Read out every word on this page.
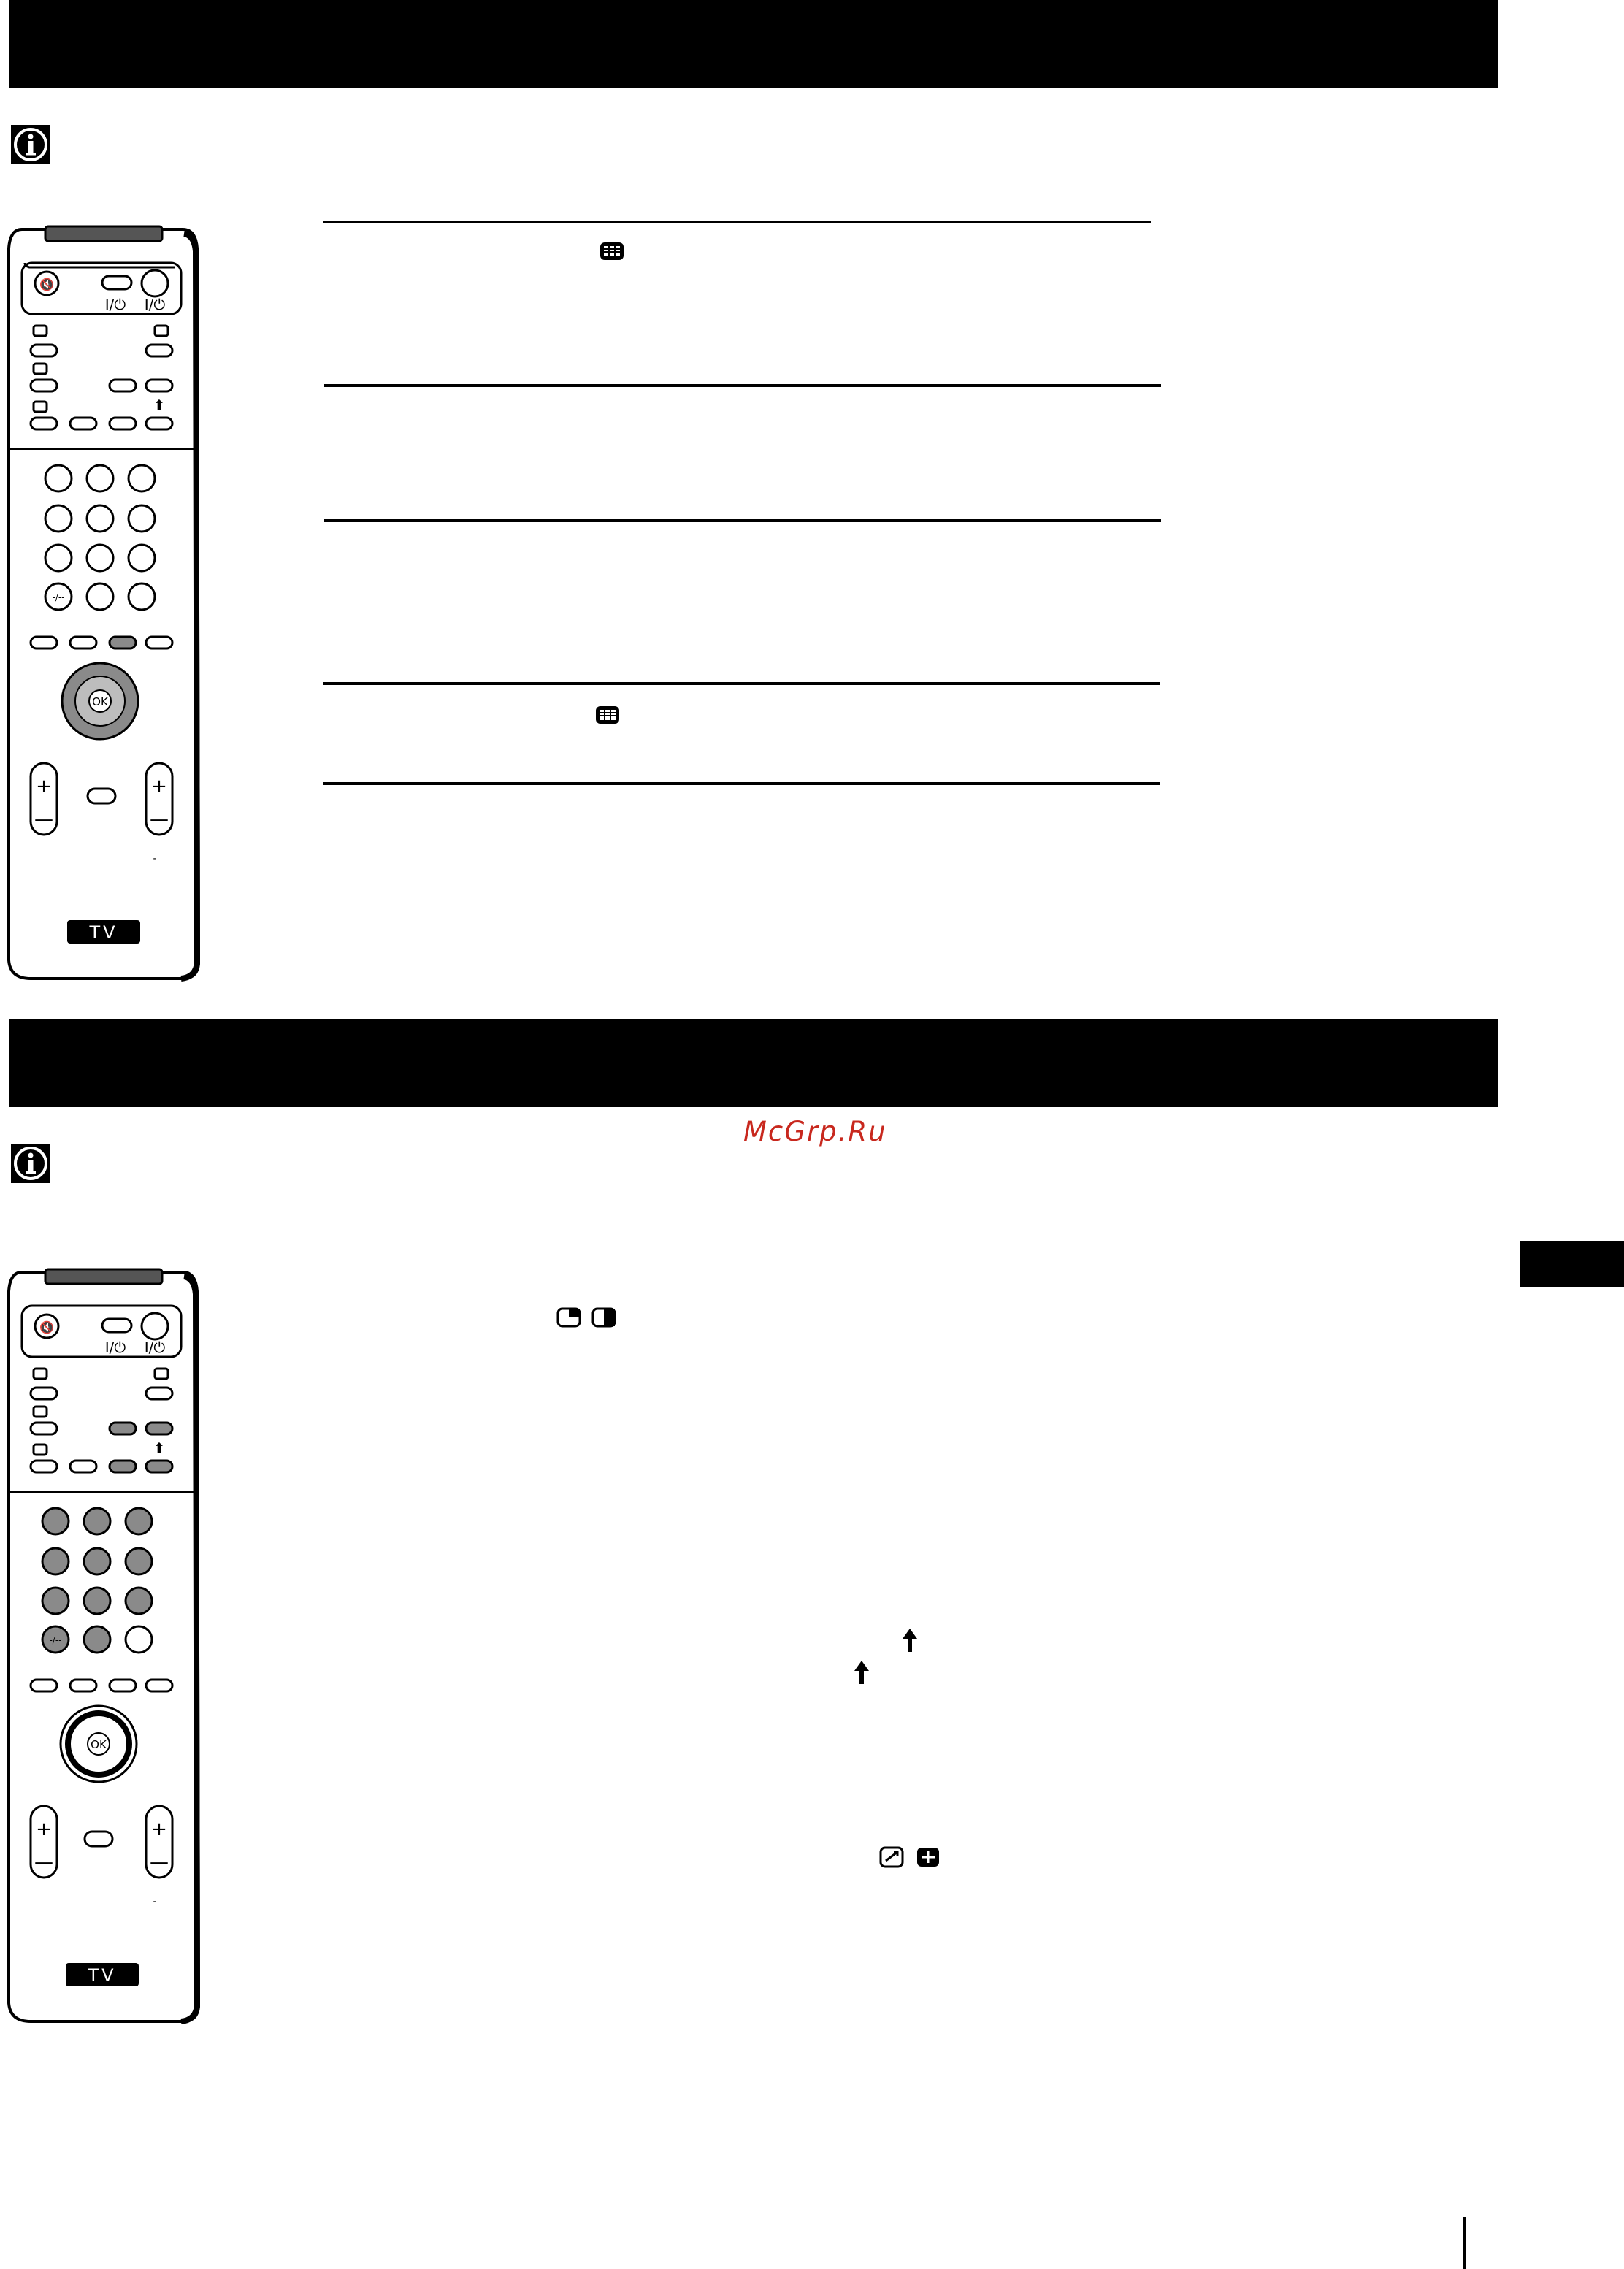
🔇
I/⏻ I/⏻
⬆
-/--
OK
+
—
+
—
-
TV
McGrp.Ru
🔇
I/⏻ I/⏻
⬆
-/--
OK
+
—
+
—
-
TV
